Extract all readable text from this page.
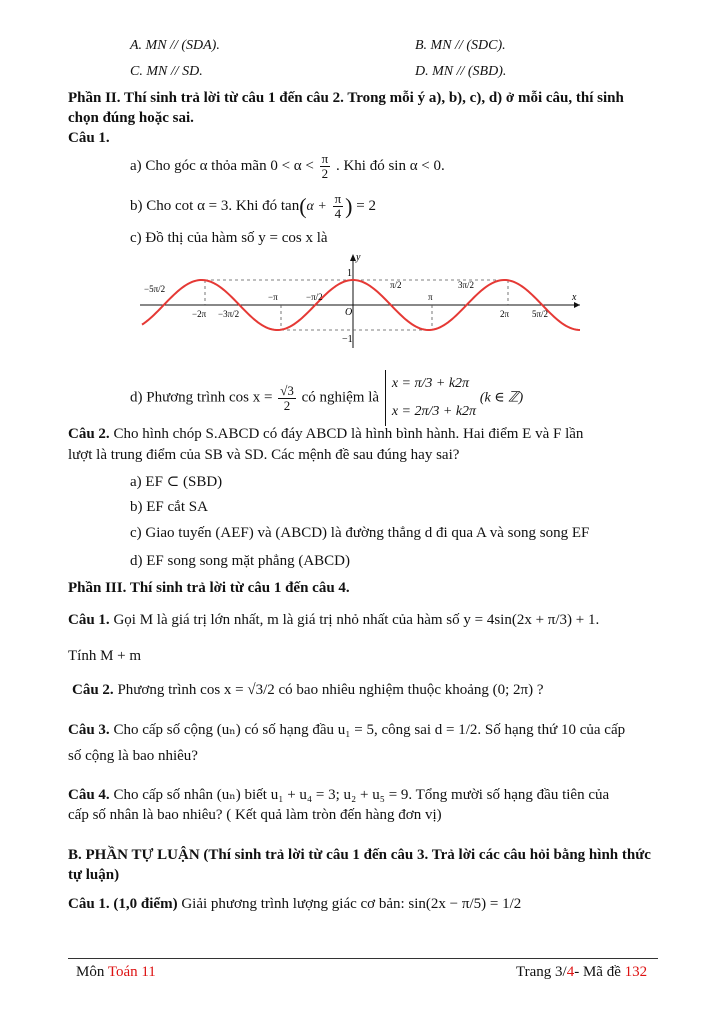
A. MN // (SDA).	B. MN // (SDC).
C. MN // SD.	D. MN // (SBD).
Phần II. Thí sinh trả lời từ câu 1 đến câu 2. Trong mỗi ý a), b), c), d) ở mỗi câu, thí sinh
chọn đúng hoặc sai.
Câu 1.
a) Cho góc α thỏa mãn $0 < \alpha < \frac{\pi}{2}$ . Khi đó sin α < 0.
b) Cho cot α = 3. Khi đó $\tan(\alpha + \frac{\pi}{4}$ ) = 2
c) Đồ thị của hàm số y = cos x là
y
1
x
O
−1
−5π/2
−2π −3π/2
−π	−π/2
π/2
π
3π/2
2π	5π/2
d) Phương trình $\cos x = \frac{√3}{2}$ có nghiệm là
x = π/3 + k2π
x = 2π/3 + k2π
(k ∈ ℤ)
Câu 2. Cho hình chóp S.ABCD có đáy ABCD là hình bình hành. Hai điểm E và F lần
lượt là trung điểm của SB và SD. Các mệnh đề sau đúng hay sai?
a) EF ⊂ (SBD)
b) EF cắt SA
c) Giao tuyến (AEF) và (ABCD) là đường thẳng d đi qua A và song song EF
d) EF song song mặt phẳng (ABCD)
Phần III. Thí sinh trả lời từ câu 1 đến câu 4.
Câu 1. Gọi M là giá trị lớn nhất, m là giá trị nhỏ nhất của hàm số y = 4sin(2x + π/3) + 1.
Tính M + m
Câu 2. Phương trình cos x = √3/2 có bao nhiêu nghiệm thuộc khoảng (0; 2π) ?
Câu 3. Cho cấp số cộng (uₙ) có số hạng đầu u₁ = 5, công sai d = 1/2. Số hạng thứ 10 của cấp
số cộng là bao nhiêu?
Câu 4. Cho cấp số nhân (uₙ) biết u₁ + u₄ = 3; u₂ + u₅ = 9. Tổng mười số hạng đầu tiên của
cấp số nhân là bao nhiêu? ( Kết quả làm tròn đến hàng đơn vị)
B. PHẦN TỰ LUẬN (Thí sinh trả lời từ câu 1 đến câu 3. Trả lời các câu hỏi bằng hình thức
tự luận)
Câu 1. (1,0 điểm) Giải phương trình lượng giác cơ bản: sin(2x − π/5) = 1/2
Môn Toán 11	Trang 3/4- Mã đề 132
